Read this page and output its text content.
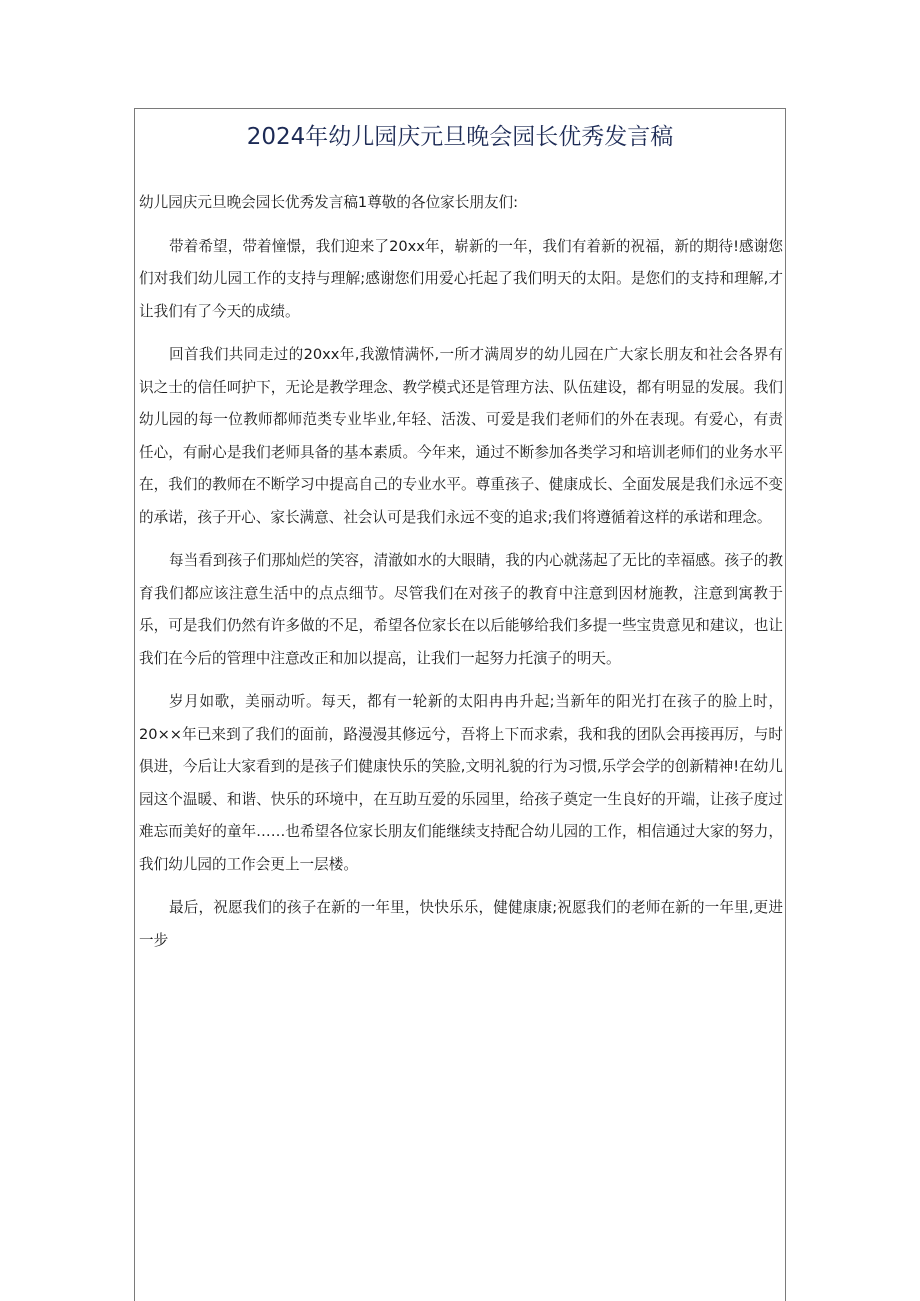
2024年幼儿园庆元旦晚会园长优秀发言稿

幼儿园庆元旦晚会园长优秀发言稿1尊敬的各位家长朋友们:

带着希望，带着憧憬，我们迎来了20xx年，崭新的一年，我们有着新的祝福，新的期待!感谢您们对我们幼儿园工作的支持与理解;感谢您们用爱心托起了我们明天的太阳。是您们的支持和理解,才让我们有了今天的成绩。

回首我们共同走过的20xx年,我激情满怀,一所才满周岁的幼儿园在广大家长朋友和社会各界有识之士的信任呵护下，无论是教学理念、教学模式还是管理方法、队伍建设，都有明显的发展。我们幼儿园的每一位教师都师范类专业毕业,年轻、活泼、可爱是我们老师们的外在表现。有爱心，有责任心，有耐心是我们老师具备的基本素质。今年来，通过不断参加各类学习和培训老师们的业务水平在，我们的教师在不断学习中提高自己的专业水平。尊重孩子、健康成长、全面发展是我们永远不变的承诺，孩子开心、家长满意、社会认可是我们永远不变的追求;我们将遵循着这样的承诺和理念。

每当看到孩子们那灿烂的笑容，清澈如水的大眼睛，我的内心就荡起了无比的幸福感。孩子的教育我们都应该注意生活中的点点细节。尽管我们在对孩子的教育中注意到因材施教，注意到寓教于乐，可是我们仍然有许多做的不足，希望各位家长在以后能够给我们多提一些宝贵意见和建议，也让我们在今后的管理中注意改正和加以提高，让我们一起努力托演子的明天。

岁月如歌，美丽动听。每天，都有一轮新的太阳冉冉升起;当新年的阳光打在孩子的脸上时，20××年已来到了我们的面前，路漫漫其修远兮，吾将上下而求索，我和我的团队会再接再厉，与时俱进，今后让大家看到的是孩子们健康快乐的笑脸,文明礼貌的行为习惯,乐学会学的创新精神!在幼儿园这个温暖、和谐、快乐的环境中，在互助互爱的乐园里，给孩子奠定一生良好的开端，让孩子度过难忘而美好的童年……也希望各位家长朋友们能继续支持配合幼儿园的工作，相信通过大家的努力，我们幼儿园的工作会更上一层楼。

最后，祝愿我们的孩子在新的一年里，快快乐乐，健健康康;祝愿我们的老师在新的一年里,更进一步
